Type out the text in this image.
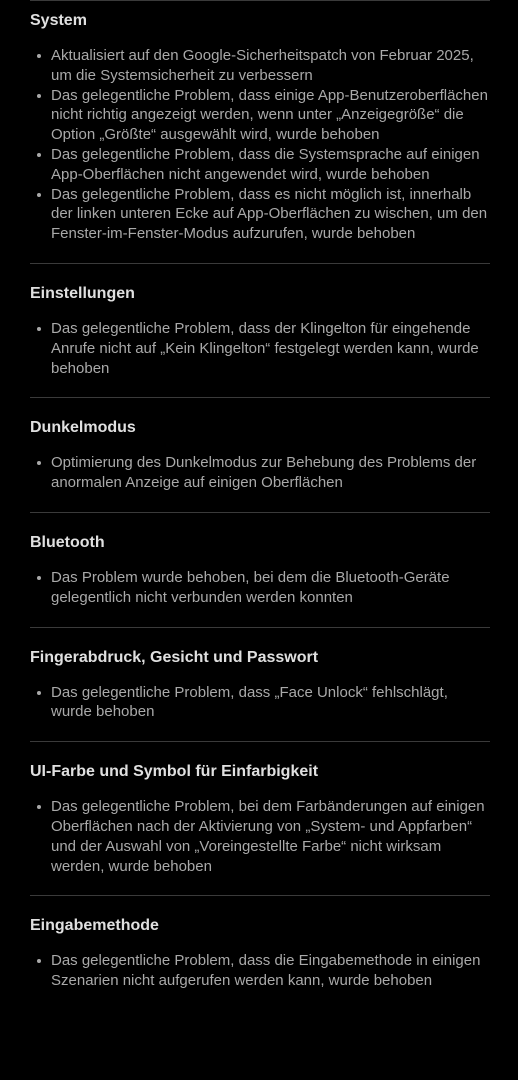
System
Aktualisiert auf den Google-Sicherheitspatch von Februar 2025, um die Systemsicherheit zu verbessern
Das gelegentliche Problem, dass einige App-Benutzeroberflächen nicht richtig angezeigt werden, wenn unter „Anzeigegröße“ die Option „Größte“ ausgewählt wird, wurde behoben
Das gelegentliche Problem, dass die Systemsprache auf einigen App-Oberflächen nicht angewendet wird, wurde behoben
Das gelegentliche Problem, dass es nicht möglich ist, innerhalb der linken unteren Ecke auf App-Oberflächen zu wischen, um den Fenster-im-Fenster-Modus aufzurufen, wurde behoben
Einstellungen
Das gelegentliche Problem, dass der Klingelton für eingehende Anrufe nicht auf „Kein Klingelton“ festgelegt werden kann, wurde behoben
Dunkelmodus
Optimierung des Dunkelmodus zur Behebung des Problems der anormalen Anzeige auf einigen Oberflächen
Bluetooth
Das Problem wurde behoben, bei dem die Bluetooth-Geräte gelegentlich nicht verbunden werden konnten
Fingerabdruck, Gesicht und Passwort
Das gelegentliche Problem, dass „Face Unlock“ fehlschlägt, wurde behoben
UI-Farbe und Symbol für Einfarbigkeit
Das gelegentliche Problem, bei dem Farbänderungen auf einigen Oberflächen nach der Aktivierung von „System- und Appfarben“ und der Auswahl von „Voreingestellte Farbe“ nicht wirksam werden, wurde behoben
Eingabemethode
Das gelegentliche Problem, dass die Eingabemethode in einigen Szenarien nicht aufgerufen werden kann, wurde behoben
